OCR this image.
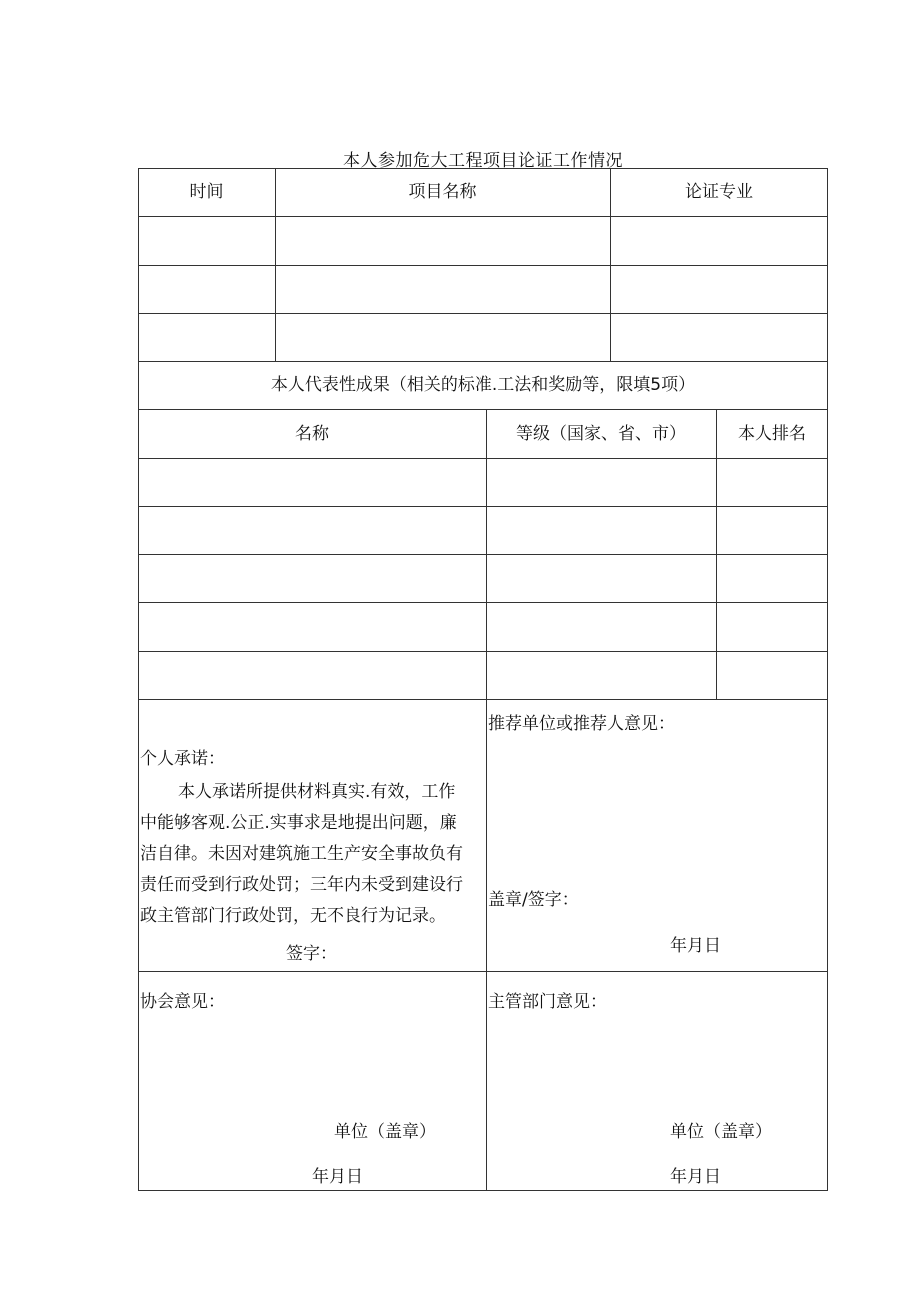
本人参加危大工程项目论证工作情况
时间	项目名称	论证专业
本人代表性成果（相关的标准.工法和奖励等，限填5项）
名称	等级（国家、省、市）	本人排名
个人承诺：
本人承诺所提供材料真实.有效，工作
中能够客观.公正.实事求是地提出问题，廉
洁自律。未因对建筑施工生产安全事故负有
责任而受到行政处罚；三年内未受到建设行
政主管部门行政处罚，无不良行为记录。
签字：
推荐单位或推荐人意见：
盖章/签字：
年月日
协会意见：
单位（盖章）
年月日
主管部门意见：
单位（盖章）
年月日
